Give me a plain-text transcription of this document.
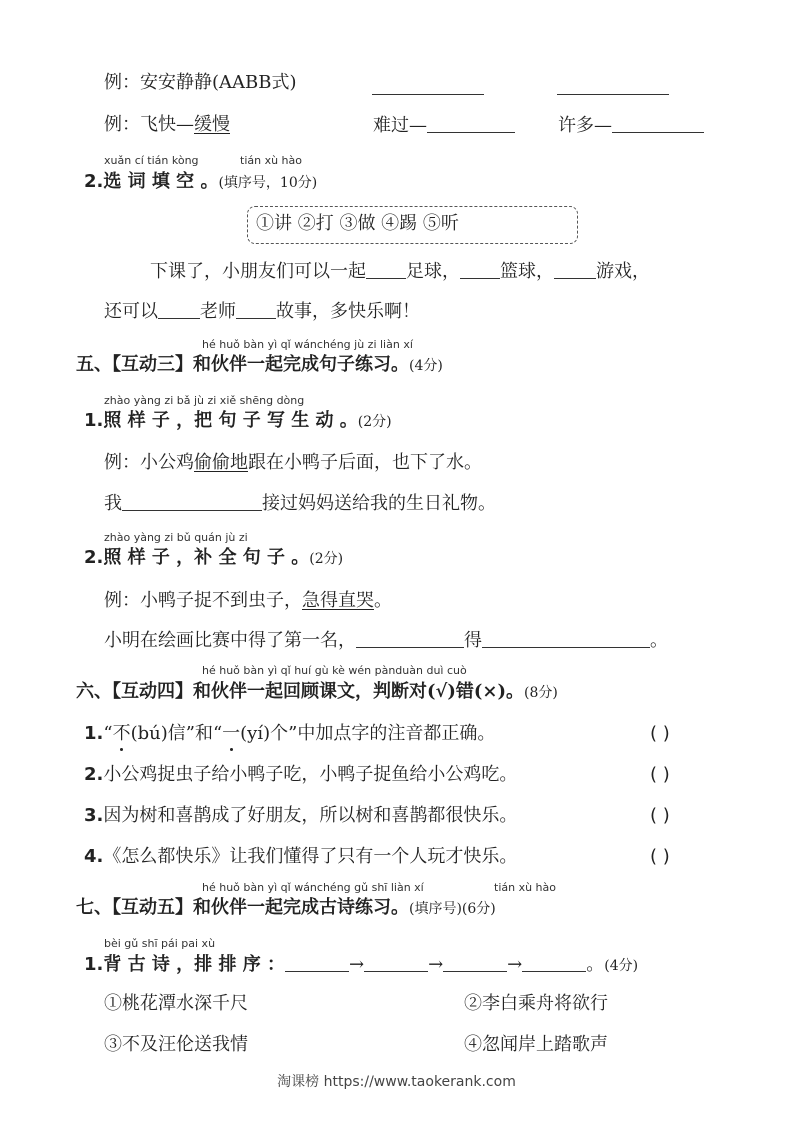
例：安安静静(AABB式)
例：飞快—缓慢	难过—	许多—
xuǎn cí tián kòng	tián xù hào
2.选 词 填 空 。(填序号，10分)
①讲 ②打 ③做 ④踢 ⑤听
下课了，小朋友们可以一起 足球， 篮球， 游戏，
还可以 老师 故事，多快乐啊！
hé huǒ bàn yì qǐ wánchéng jù zi liàn xí
五、【互动三】和伙伴一起完成句子练习。(4分)
zhào yàng zi bǎ jù zi xiě shēng dòng
1.照 样 子 ，把 句 子 写 生 动 。(2分)
例：小公鸡偷偷地跟在小鸭子后面，也下了水。
我	接过妈妈送给我的生日礼物。
zhào yàng zi bǔ quán jù zi
2.照 样 子 ，补 全 句 子 。(2分)
例：小鸭子捉不到虫子，急得直哭。
小明在绘画比赛中得了第一名，	得	。
hé huǒ bàn yì qǐ huí gù kè wén pànduàn duì cuò
六、【互动四】和伙伴一起回顾课文，判断对(√)错(×)。(8分)
1.“不(bú)信”和“一(yí)个”中加点字的注音都正确。	( )
2.小公鸡捉虫子给小鸭子吃，小鸭子捉鱼给小公鸡吃。	( )
3.因为树和喜鹊成了好朋友，所以树和喜鹊都很快乐。	( )
4.《怎么都快乐》让我们懂得了只有一个人玩才快乐。	( )
hé huǒ bàn yì qǐ wánchéng gǔ shī liàn xí	tián xù hào
七、【互动五】和伙伴一起完成古诗练习。(填序号)(6分)
bèi gǔ shī pái pai xù
1.背 古 诗 ，排 排 序 ：	→	→	→	。(4分)
①桃花潭水深千尺	②李白乘舟将欲行
③不及汪伦送我情	④忽闻岸上踏歌声
淘课榜 https://www.taokerank.com
